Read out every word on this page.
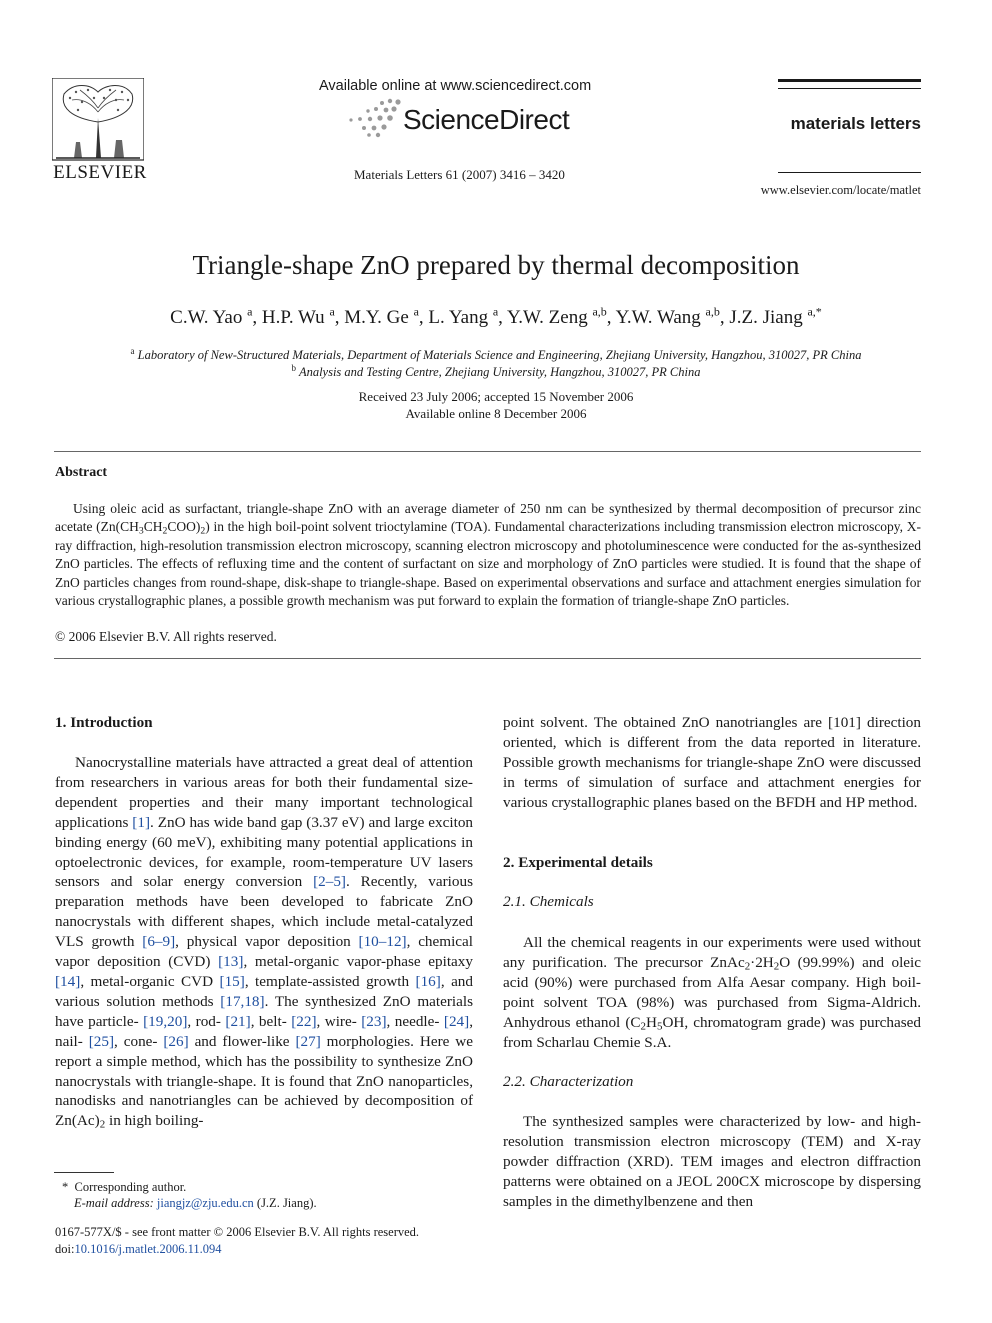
ELSEVIER
Available online at www.sciencedirect.com
ScienceDirect
Materials Letters 61 (2007) 3416 – 3420
materials letters
www.elsevier.com/locate/matlet
Triangle-shape ZnO prepared by thermal decomposition
C.W. Yao $^a$, H.P. Wu $^a$, M.Y. Ge $^a$, L. Yang $^a$, Y.W. Zeng $^{a,b}$, Y.W. Wang $^{a,b}$, J.Z. Jiang $^{a,*}$
$^a$ Laboratory of New-Structured Materials, Department of Materials Science and Engineering, Zhejiang University, Hangzhou, 310027, PR China
$^b$ Analysis and Testing Centre, Zhejiang University, Hangzhou, 310027, PR China
Received 23 July 2006; accepted 15 November 2006
Available online 8 December 2006
Abstract
Using oleic acid as surfactant, triangle-shape ZnO with an average diameter of 250 nm can be synthesized by thermal decomposition of precursor zinc acetate $(Zn(CH_3CH_2COO)_2)$ in the high boil-point solvent trioctylamine (TOA). Fundamental characterizations including transmission electron microscopy, X-ray diffraction, high-resolution transmission electron microscopy, scanning electron microscopy and photoluminescence were conducted for the as-synthesized ZnO particles. The effects of refluxing time and the content of surfactant on size and morphology of ZnO particles were studied. It is found that the shape of ZnO particles changes from round-shape, disk-shape to triangle-shape. Based on experimental observations and surface and attachment energies simulation for various crystallographic planes, a possible growth mechanism was put forward to explain the formation of triangle-shape ZnO particles.
© 2006 Elsevier B.V. All rights reserved.
1. Introduction

Nanocrystalline materials have attracted a great deal of attention from researchers in various areas for both their fundamental size-dependent properties and their many important technological applications [1]. ZnO has wide band gap (3.37 eV) and large exciton binding energy (60 meV), exhibiting many potential applications in optoelectronic devices, for example, room-temperature UV lasers sensors and solar energy conversion [2–5]. Recently, various preparation methods have been developed to fabricate ZnO nanocrystals with different shapes, which include metal-catalyzed VLS growth [6–9], physical vapor deposition [10–12], chemical vapor deposition (CVD) [13], metal-organic vapor-phase epitaxy [14], metal-organic CVD [15], template-assisted growth [16], and various solution methods [17,18]. The synthesized ZnO materials have particle- [19,20], rod- [21], belt- [22], wire- [23], needle- [24], nail- [25], cone- [26] and flower-like [27] morphologies. Here we report a simple method, which has the possibility to synthesize ZnO nanocrystals with triangle-shape. It is found that ZnO nanoparticles, nanodisks and nanotriangles can be achieved by decomposition of $Zn(Ac)_2$ in high boiling-

point solvent. The obtained ZnO nanotriangles are [101] direction oriented, which is different from the data reported in literature. Possible growth mechanisms for triangle-shape ZnO were discussed in terms of simulation of surface and attachment energies for various crystallographic planes based on the BFDH and HP method.
2. Experimental details
2.1. Chemicals

All the chemical reagents in our experiments were used without any purification. The precursor $ZnAc_2\cdot 2H_2O$ (99.99%) and oleic acid (90%) were purchased from Alfa Aesar company. High boil-point solvent TOA (98%) was purchased from Sigma-Aldrich. Anhydrous ethanol ($C_2H_5OH$, chromatogram grade) was purchased from Scharlau Chemie S.A.

2.2. Characterization

The synthesized samples were characterized by low- and high-resolution transmission electron microscopy (TEM) and X-ray powder diffraction (XRD). TEM images and electron diffraction patterns were obtained on a JEOL 200CX microscope by dispersing samples in the dimethylbenzene and then

* Corresponding author.
E-mail address: jiangjz@zju.edu.cn (J.Z. Jiang).
0167-577X/$ - see front matter © 2006 Elsevier B.V. All rights reserved.
doi:10.1016/j.matlet.2006.11.094
